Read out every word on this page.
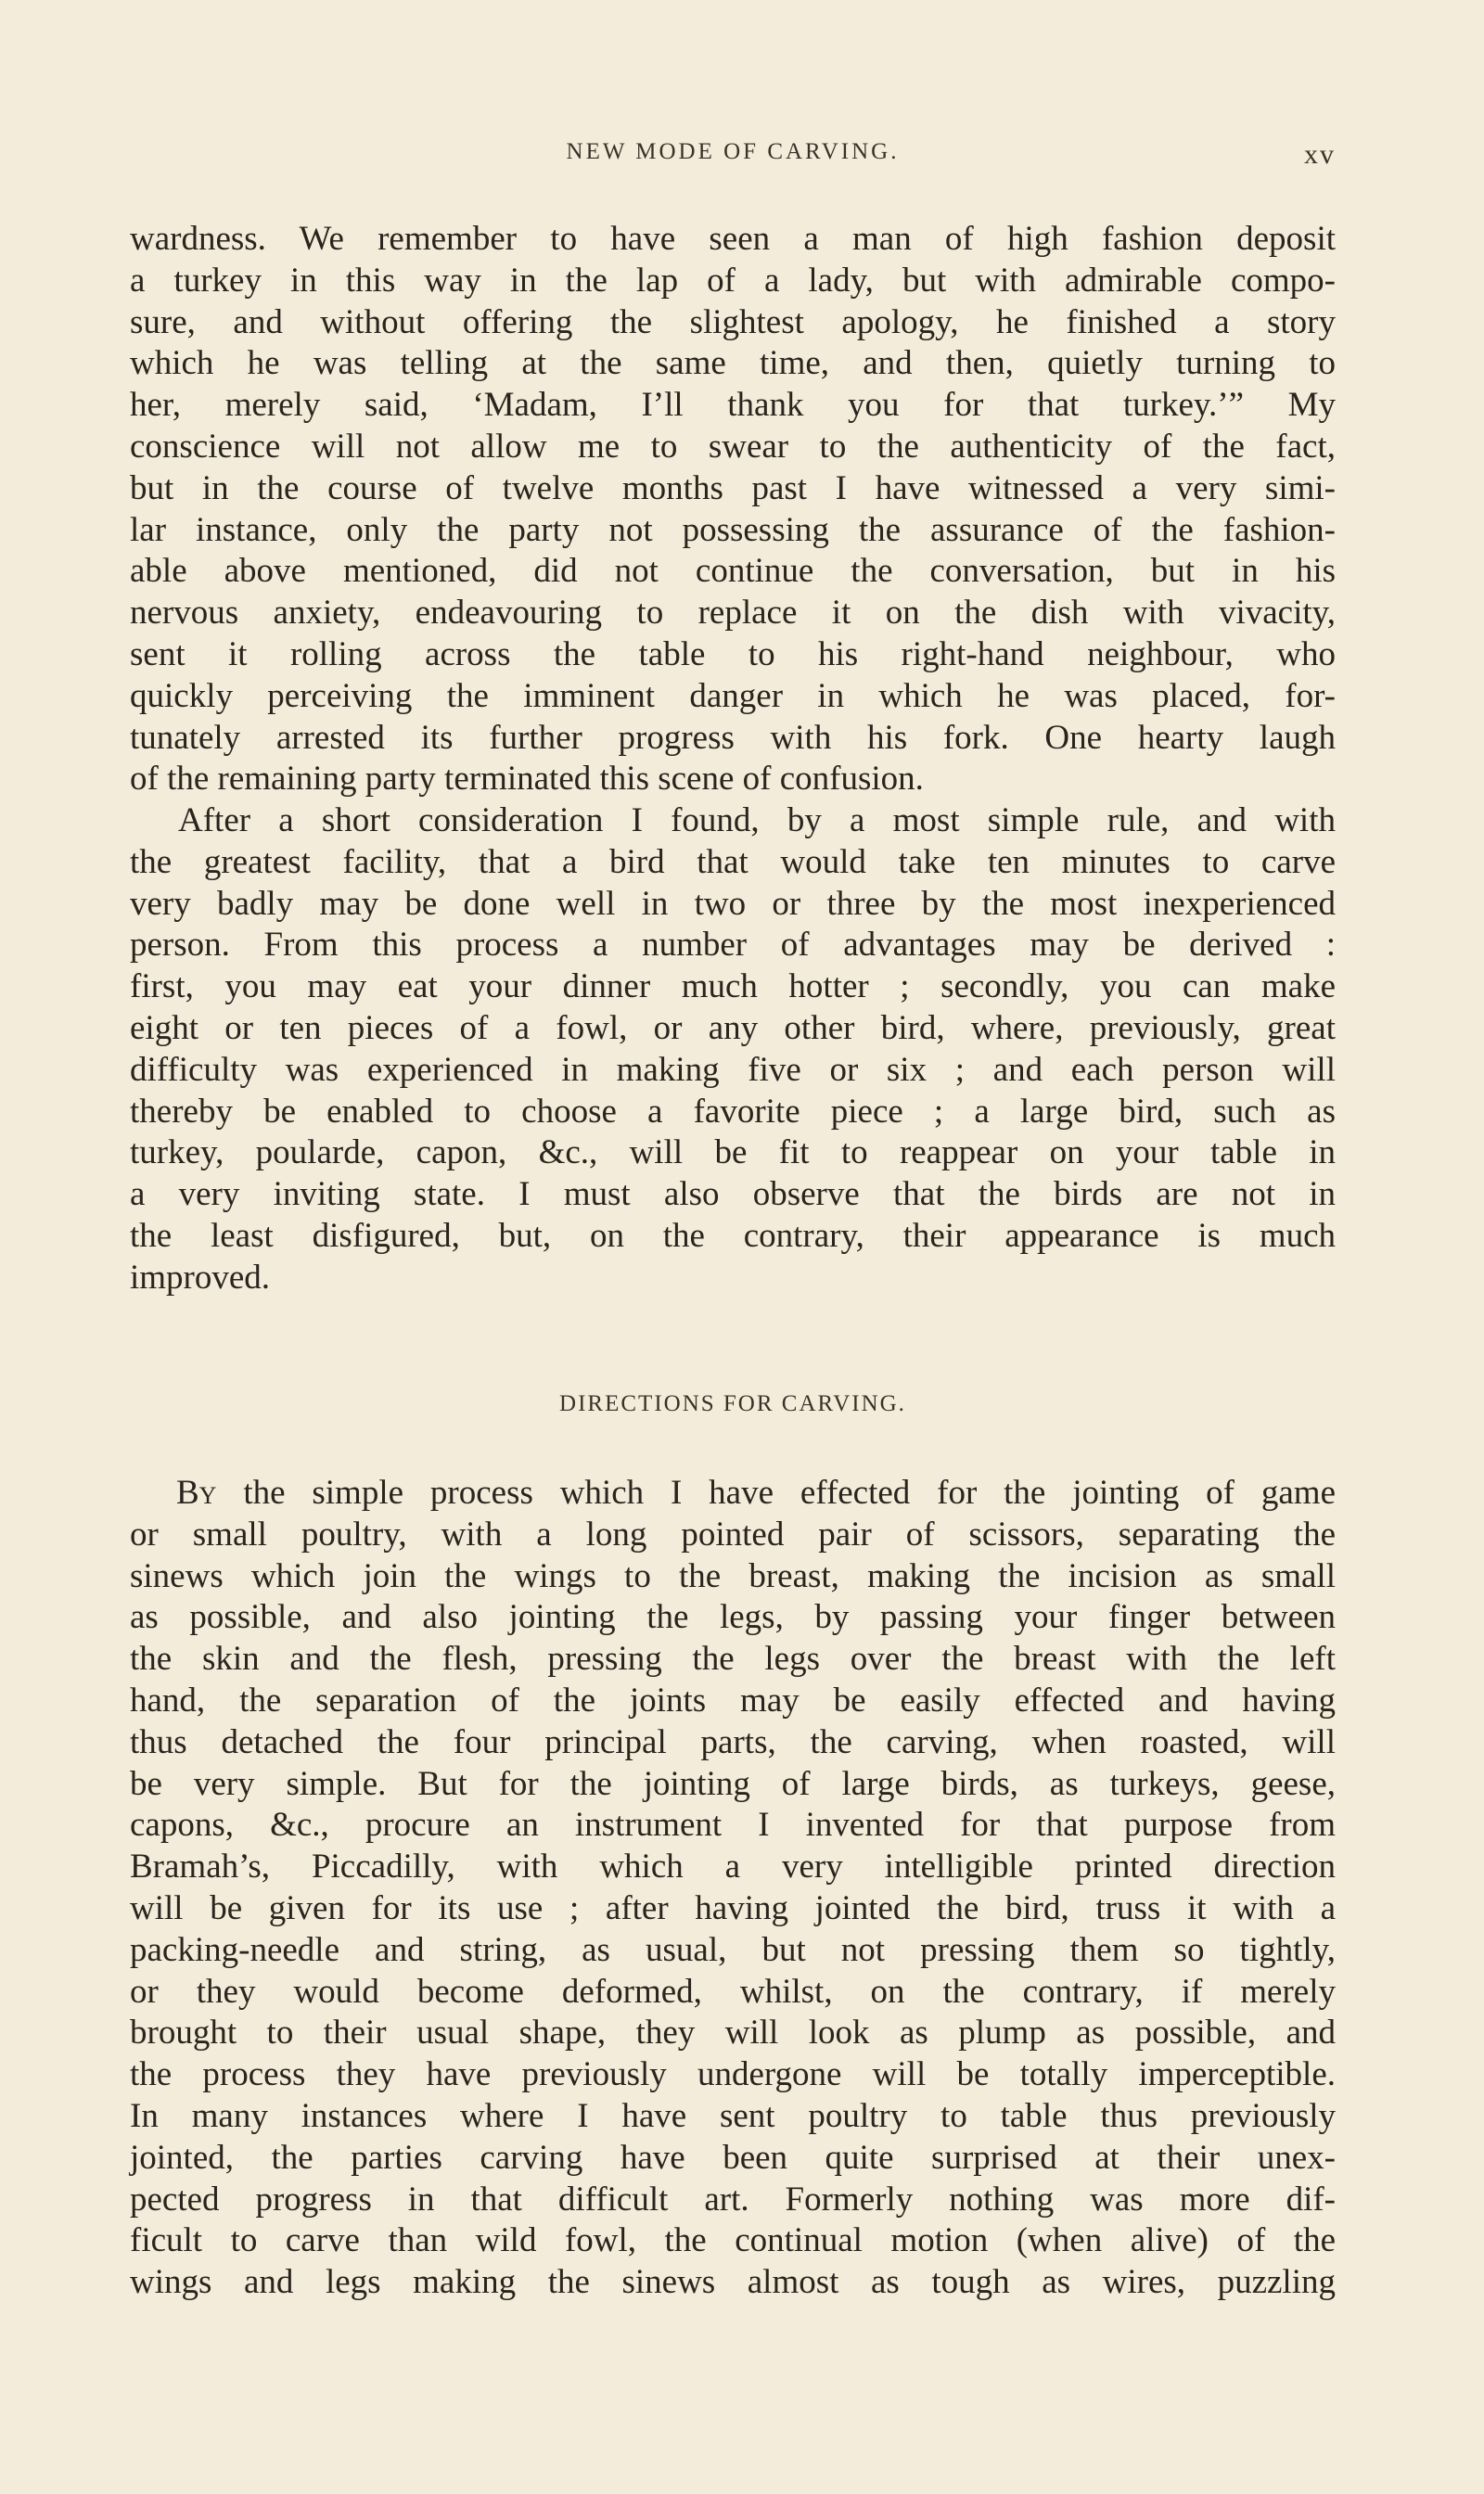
NEW MODE OF CARVING.	xv
wardness. We remember to have seen a man of high fashion deposit
a turkey in this way in the lap of a lady, but with admirable compo-
sure, and without offering the slightest apology, he finished a story
which he was telling at the same time, and then, quietly turning to
her, merely said, ‘Madam, I’ll thank you for that turkey.’” My
conscience will not allow me to swear to the authenticity of the fact,
but in the course of twelve months past I have witnessed a very simi-
lar instance, only the party not possessing the assurance of the fashion-
able above mentioned, did not continue the conversation, but in his
nervous anxiety, endeavouring to replace it on the dish with vivacity,
sent it rolling across the table to his right-hand neighbour, who
quickly perceiving the imminent danger in which he was placed, for-
tunately arrested its further progress with his fork. One hearty laugh
of the remaining party terminated this scene of confusion.
After a short consideration I found, by a most simple rule, and with
the greatest facility, that a bird that would take ten minutes to carve
very badly may be done well in two or three by the most inexperienced
person. From this process a number of advantages may be derived :
first, you may eat your dinner much hotter ; secondly, you can make
eight or ten pieces of a fowl, or any other bird, where, previously, great
difficulty was experienced in making five or six ; and each person will
thereby be enabled to choose a favorite piece ; a large bird, such as
turkey, poularde, capon, &c., will be fit to reappear on your table in
a very inviting state. I must also observe that the birds are not in
the least disfigured, but, on the contrary, their appearance is much
improved.
DIRECTIONS FOR CARVING.
By the simple process which I have effected for the jointing of game
or small poultry, with a long pointed pair of scissors, separating the
sinews which join the wings to the breast, making the incision as small
as possible, and also jointing the legs, by passing your finger between
the skin and the flesh, pressing the legs over the breast with the left
hand, the separation of the joints may be easily effected and having
thus detached the four principal parts, the carving, when roasted, will
be very simple. But for the jointing of large birds, as turkeys, geese,
capons, &c., procure an instrument I invented for that purpose from
Bramah’s, Piccadilly, with which a very intelligible printed direction
will be given for its use ; after having jointed the bird, truss it with a
packing-needle and string, as usual, but not pressing them so tightly,
or they would become deformed, whilst, on the contrary, if merely
brought to their usual shape, they will look as plump as possible, and
the process they have previously undergone will be totally imperceptible.
In many instances where I have sent poultry to table thus previously
jointed, the parties carving have been quite surprised at their unex-
pected progress in that difficult art. Formerly nothing was more dif-
ficult to carve than wild fowl, the continual motion (when alive) of the
wings and legs making the sinews almost as tough as wires, puzzling
